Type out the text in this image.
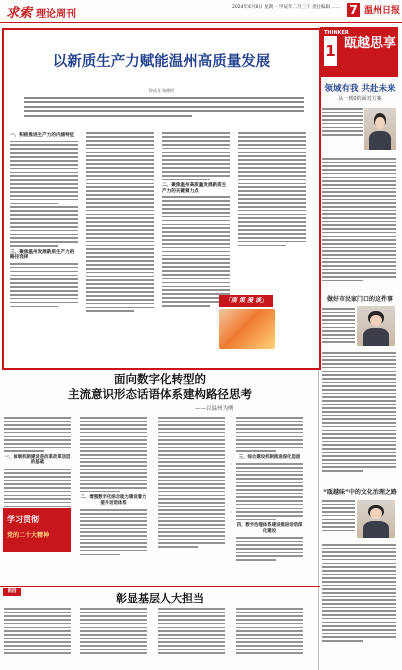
求索 理论周刊
2024年4月8日 星期一 甲辰年二月三十 责任编辑 …… 7 温州日报
以新质生产力赋能温州高质量发展
徐成龙 杨德明
一、积极推进生产力的内涵特征
三、聚焦温州发展新质生产力的路径选择
二、聚焦温州高质量发展新质生产力的关键着力点
「南 策 漫 谈」
THINKER
1 瓯越思享
领域有我 共赴未来
从一到0的面对方案
做好市民家门口的这件事
“瓯越味”中的文化治理之路
面向数字化转型的
主流意识形态话语体系建构路径思考
——以温州为例
一、体制机制建设是改革改革顶层的基础
学习贯彻
党的二十大精神
二、增强数字化综合能力建设着力提升话语体系
三、综合建设机制推进深化层面
四、数字治理体系建设推进话语深化建设
前沿
彰显基层人大担当
